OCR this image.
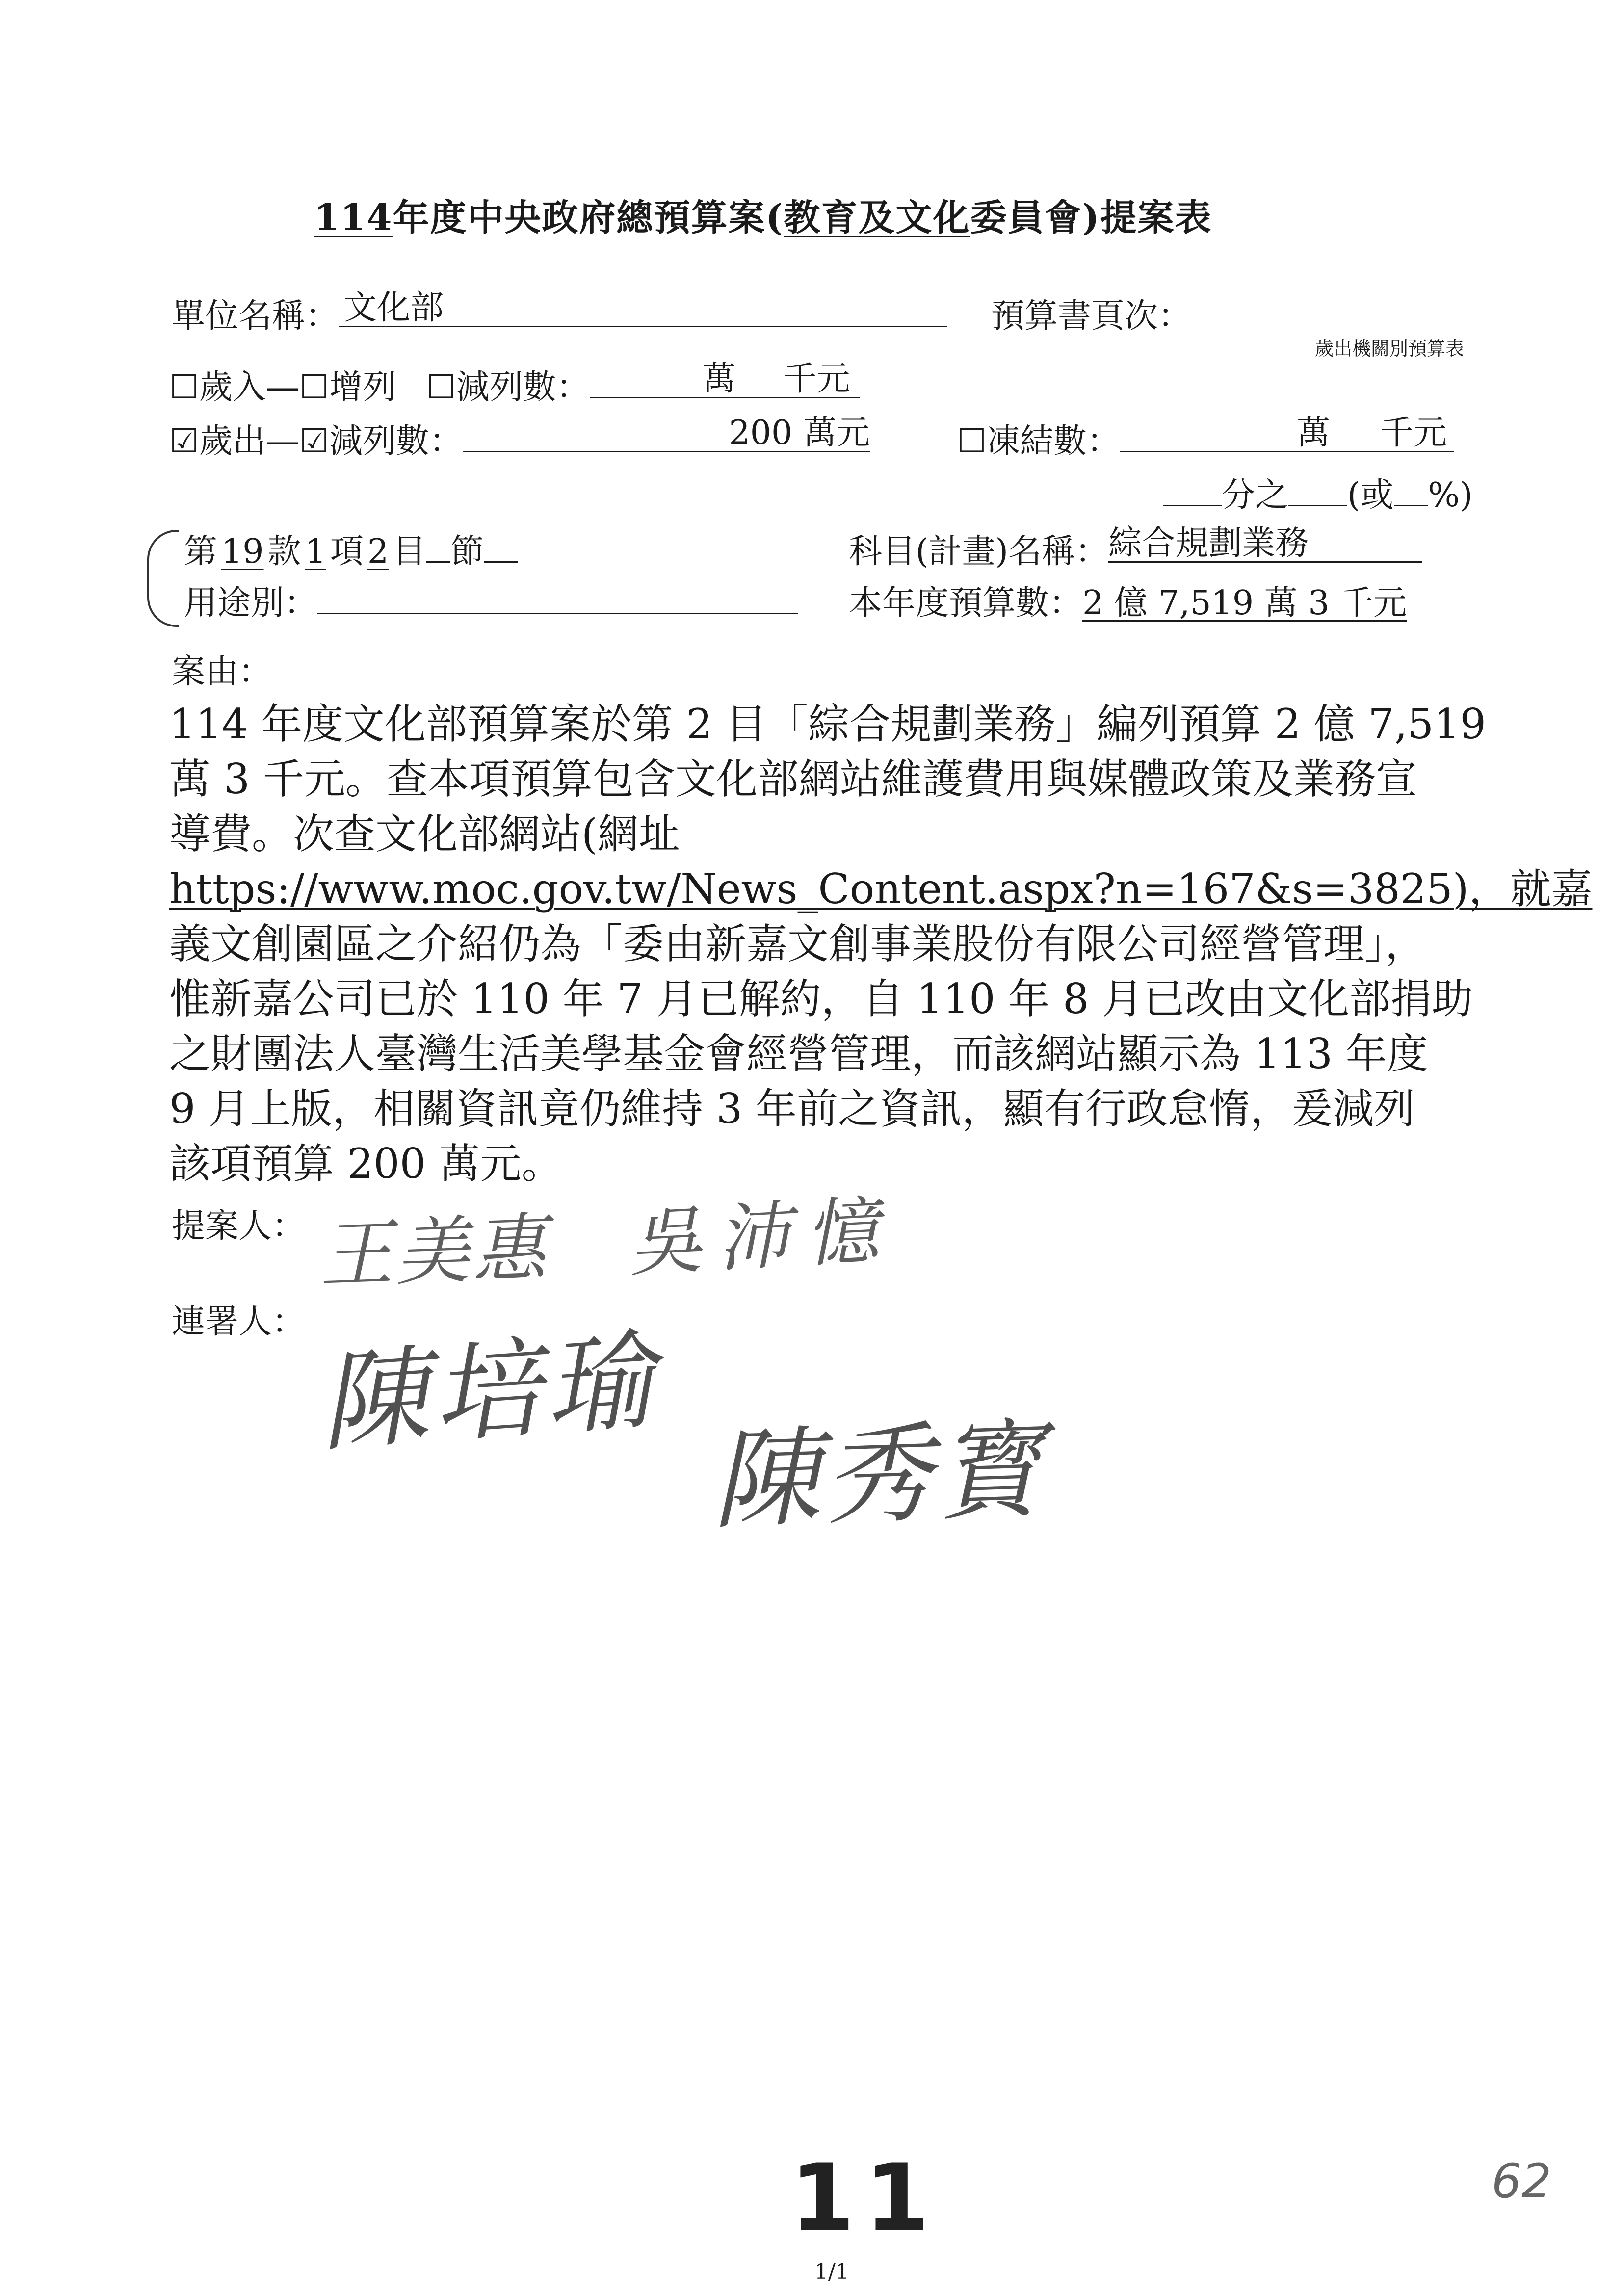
114年度中央政府總預算案(教育及文化委員會)提案表
單位名稱： 文化部	預算書頁次：
歲出機關別預算表
☐歲入—☐增列 ☐減列數：	萬 千元
☑歲出—☑減列數：	200 萬元	☐凍結數：	萬 千元
分之 (或 %)
第 19 款 1 項 2 目 節	科目(計畫)名稱： 綜合規劃業務
用途別：	本年度預算數：2 億 7,519 萬 3 千元
案由：
114 年度文化部預算案於第 2 目「綜合規劃業務」編列預算 2 億 7,519
萬 3 千元。查本項預算包含文化部網站維護費用與媒體政策及業務宣
導費。次查文化部網站(網址
https://www.moc.gov.tw/News_Content.aspx?n=167&s=3825)，就嘉
義文創園區之介紹仍為「委由新嘉文創事業股份有限公司經營管理」，
惟新嘉公司已於 110 年 7 月已解約，自 110 年 8 月已改由文化部捐助
之財團法人臺灣生活美學基金會經營管理，而該網站顯示為 113 年度
9 月上版，相關資訊竟仍維持 3 年前之資訊，顯有行政怠惰，爰減列
該項預算 200 萬元。
提案人： 王美惠 吳沛憶
連署人： 陳培瑜
陳秀寳
11	62
1/1
